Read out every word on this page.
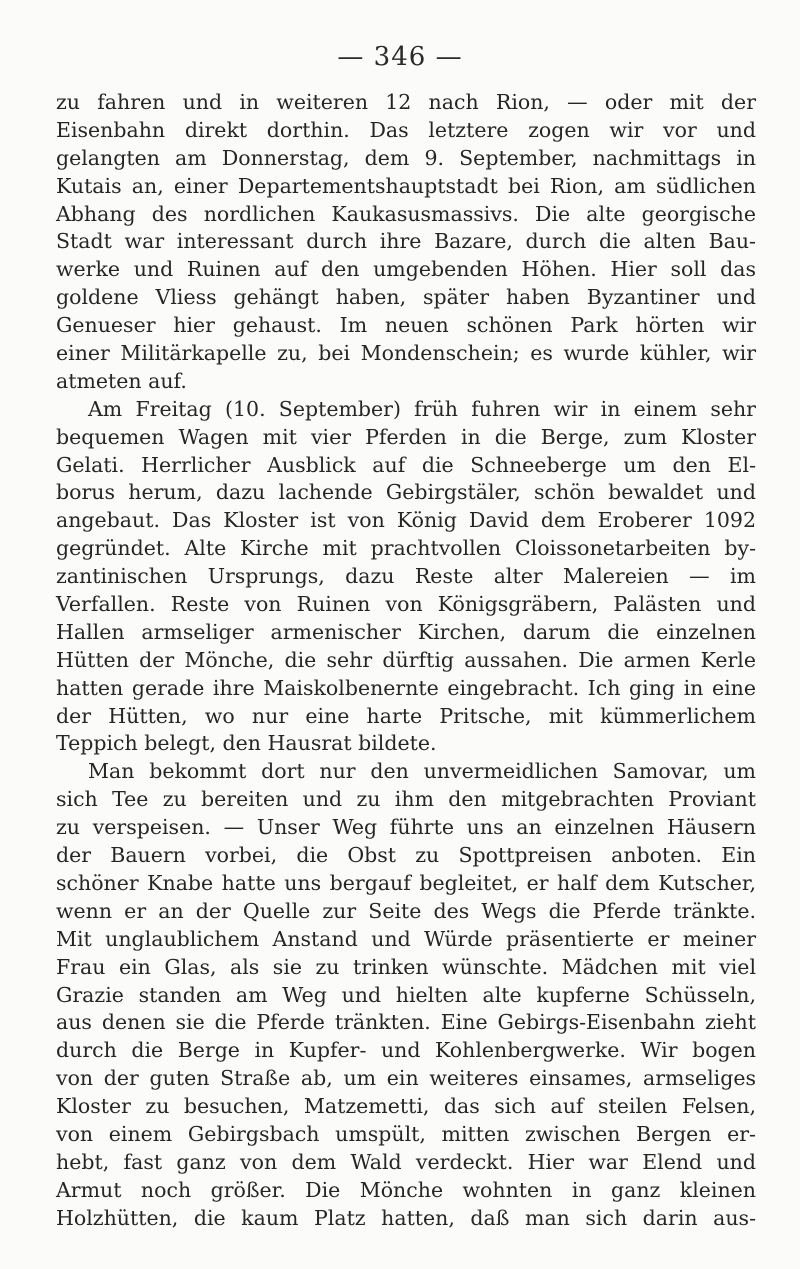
— 346 —
zu fahren und in weiteren 12 nach Rion, — oder mit der
Eisenbahn direkt dorthin. Das letztere zogen wir vor und
gelangten am Donnerstag, dem 9. September, nachmittags in
Kutais an, einer Departementshauptstadt bei Rion, am südlichen
Abhang des nordlichen Kaukasusmassivs. Die alte georgische
Stadt war interessant durch ihre Bazare, durch die alten Bau-
werke und Ruinen auf den umgebenden Höhen. Hier soll das
goldene Vliess gehängt haben, später haben Byzantiner und
Genueser hier gehaust. Im neuen schönen Park hörten wir
einer Militärkapelle zu, bei Mondenschein; es wurde kühler, wir
atmeten auf.
Am Freitag (10. September) früh fuhren wir in einem sehr
bequemen Wagen mit vier Pferden in die Berge, zum Kloster
Gelati. Herrlicher Ausblick auf die Schneeberge um den El-
borus herum, dazu lachende Gebirgstäler, schön bewaldet und
angebaut. Das Kloster ist von König David dem Eroberer 1092
gegründet. Alte Kirche mit prachtvollen Cloissonetarbeiten by-
zantinischen Ursprungs, dazu Reste alter Malereien — im
Verfallen. Reste von Ruinen von Königsgräbern, Palästen und
Hallen armseliger armenischer Kirchen, darum die einzelnen
Hütten der Mönche, die sehr dürftig aussahen. Die armen Kerle
hatten gerade ihre Maiskolbenernte eingebracht. Ich ging in eine
der Hütten, wo nur eine harte Pritsche, mit kümmerlichem
Teppich belegt, den Hausrat bildete.
Man bekommt dort nur den unvermeidlichen Samovar, um
sich Tee zu bereiten und zu ihm den mitgebrachten Proviant
zu verspeisen. — Unser Weg führte uns an einzelnen Häusern
der Bauern vorbei, die Obst zu Spottpreisen anboten. Ein
schöner Knabe hatte uns bergauf begleitet, er half dem Kutscher,
wenn er an der Quelle zur Seite des Wegs die Pferde tränkte.
Mit unglaublichem Anstand und Würde präsentierte er meiner
Frau ein Glas, als sie zu trinken wünschte. Mädchen mit viel
Grazie standen am Weg und hielten alte kupferne Schüsseln,
aus denen sie die Pferde tränkten. Eine Gebirgs-Eisenbahn zieht
durch die Berge in Kupfer- und Kohlenbergwerke. Wir bogen
von der guten Straße ab, um ein weiteres einsames, armseliges
Kloster zu besuchen, Matzemetti, das sich auf steilen Felsen,
von einem Gebirgsbach umspült, mitten zwischen Bergen er-
hebt, fast ganz von dem Wald verdeckt. Hier war Elend und
Armut noch größer. Die Mönche wohnten in ganz kleinen
Holzhütten, die kaum Platz hatten, daß man sich darin aus-
